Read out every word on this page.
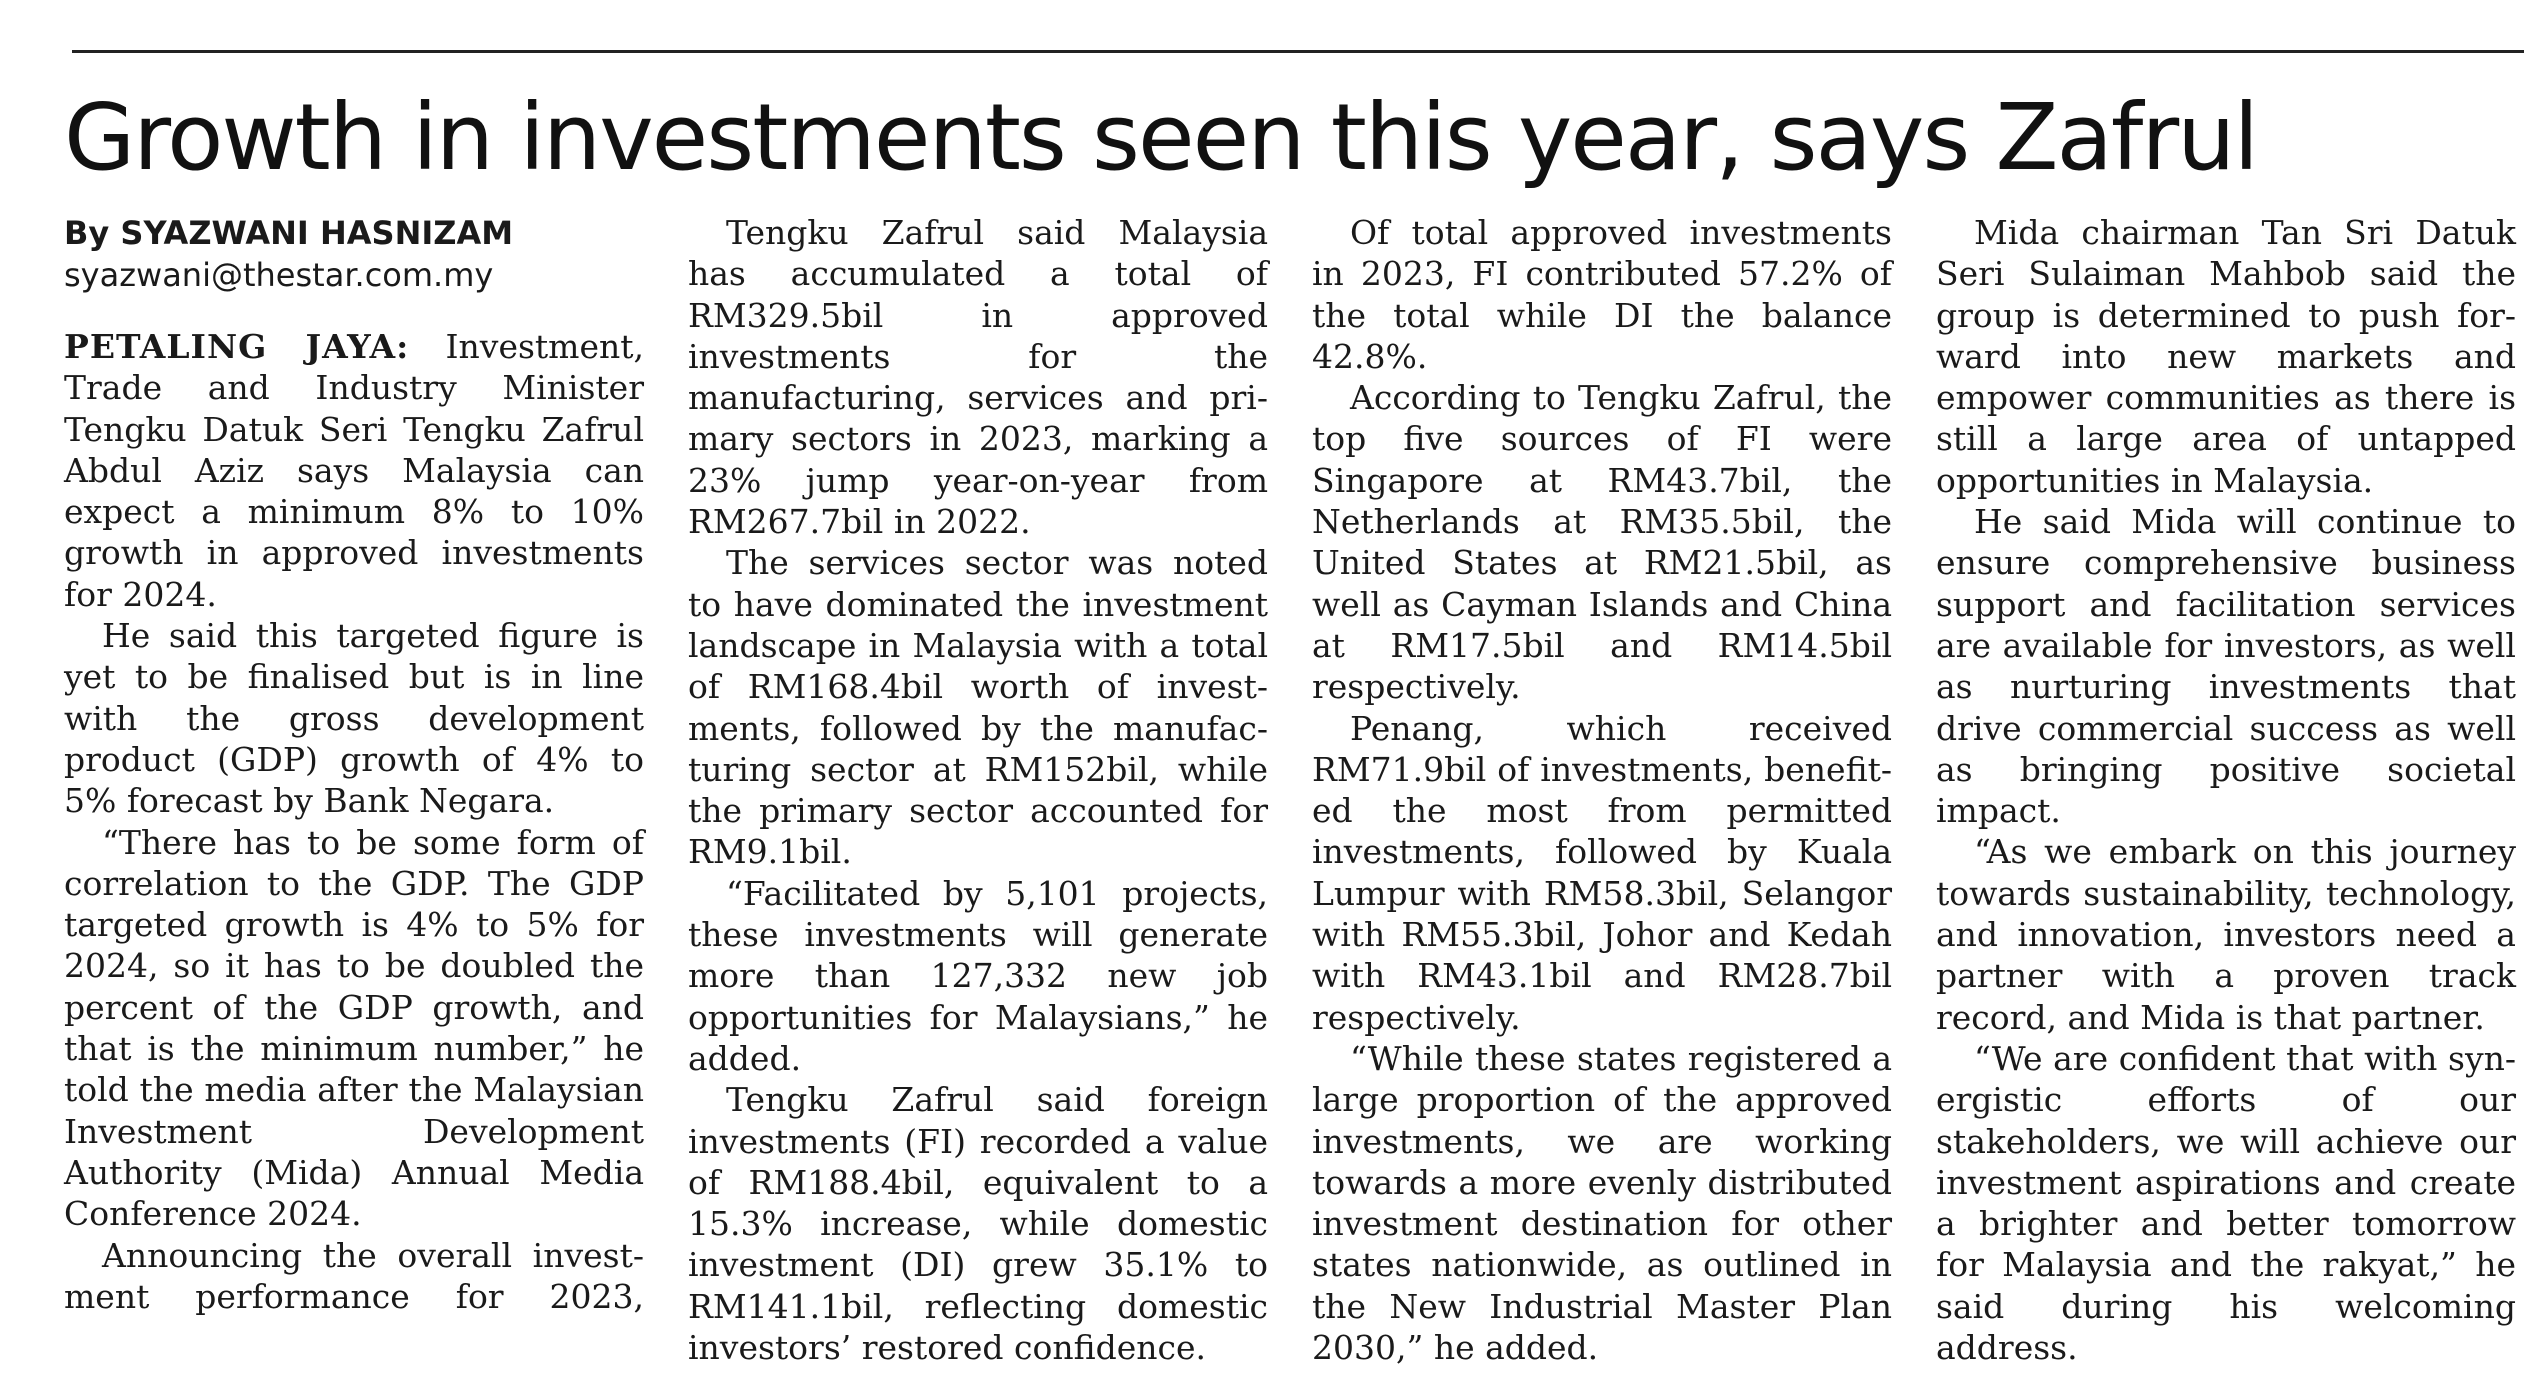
Growth in investments seen this year, says Zafrul
By SYAZWANI HASNIZAM
syazwani@thestar.com.my

PETALING JAYA: Investment, Trade and Industry Minister Tengku Datuk Seri Tengku Zafrul Abdul Aziz says Malaysia can expect a minimum 8% to 10% growth in approved investments for 2024.

He said this targeted figure is yet to be finalised but is in line with the gross development product (GDP) growth of 4% to 5% forecast by Bank Negara.

“There has to be some form of correlation to the GDP. The GDP targeted growth is 4% to 5% for 2024, so it has to be doubled the percent of the GDP growth, and that is the minimum number,” he told the media after the Malaysian Investment Development Authority (Mida) Annual Media Conference 2024.

Announcing the overall investment performance for 2023,

Tengku Zafrul said Malaysia has accumulated a total of RM329.5bil in approved investments for the manufacturing, services and primary sectors in 2023, marking a 23% jump year-on-year from RM267.7bil in 2022.

The services sector was noted to have dominated the investment landscape in Malaysia with a total of RM168.4bil worth of investments, followed by the manufacturing sector at RM152bil, while the primary sector accounted for RM9.1bil.

“Facilitated by 5,101 projects, these investments will generate more than 127,332 new job opportunities for Malaysians,” he added.

Tengku Zafrul said foreign investments (FI) recorded a value of RM188.4bil, equivalent to a 15.3% increase, while domestic investment (DI) grew 35.1% to RM141.1bil, reflecting domestic investors’ restored confidence.

Of total approved investments in 2023, FI contributed 57.2% of the total while DI the balance 42.8%.

According to Tengku Zafrul, the top five sources of FI were Singapore at RM43.7bil, the Netherlands at RM35.5bil, the United States at RM21.5bil, as well as Cayman Islands and China at RM17.5bil and RM14.5bil respectively.

Penang, which received RM71.9bil of investments, benefited the most from permitted investments, followed by Kuala Lumpur with RM58.3bil, Selangor with RM55.3bil, Johor and Kedah with RM43.1bil and RM28.7bil respectively.

“While these states registered a large proportion of the approved investments, we are working towards a more evenly distributed investment destination for other states nationwide, as outlined in the New Industrial Master Plan 2030,” he added.

Mida chairman Tan Sri Datuk Seri Sulaiman Mahbob said the group is determined to push forward into new markets and empower communities as there is still a large area of untapped opportunities in Malaysia.

He said Mida will continue to ensure comprehensive business support and facilitation services are available for investors, as well as nurturing investments that drive commercial success as well as bringing positive societal impact.

“As we embark on this journey towards sustainability, technology, and innovation, investors need a partner with a proven track record, and Mida is that partner.

“We are confident that with synergistic efforts of our stakeholders, we will achieve our investment aspirations and create a brighter and better tomorrow for Malaysia and the rakyat,” he said during his welcoming address.
